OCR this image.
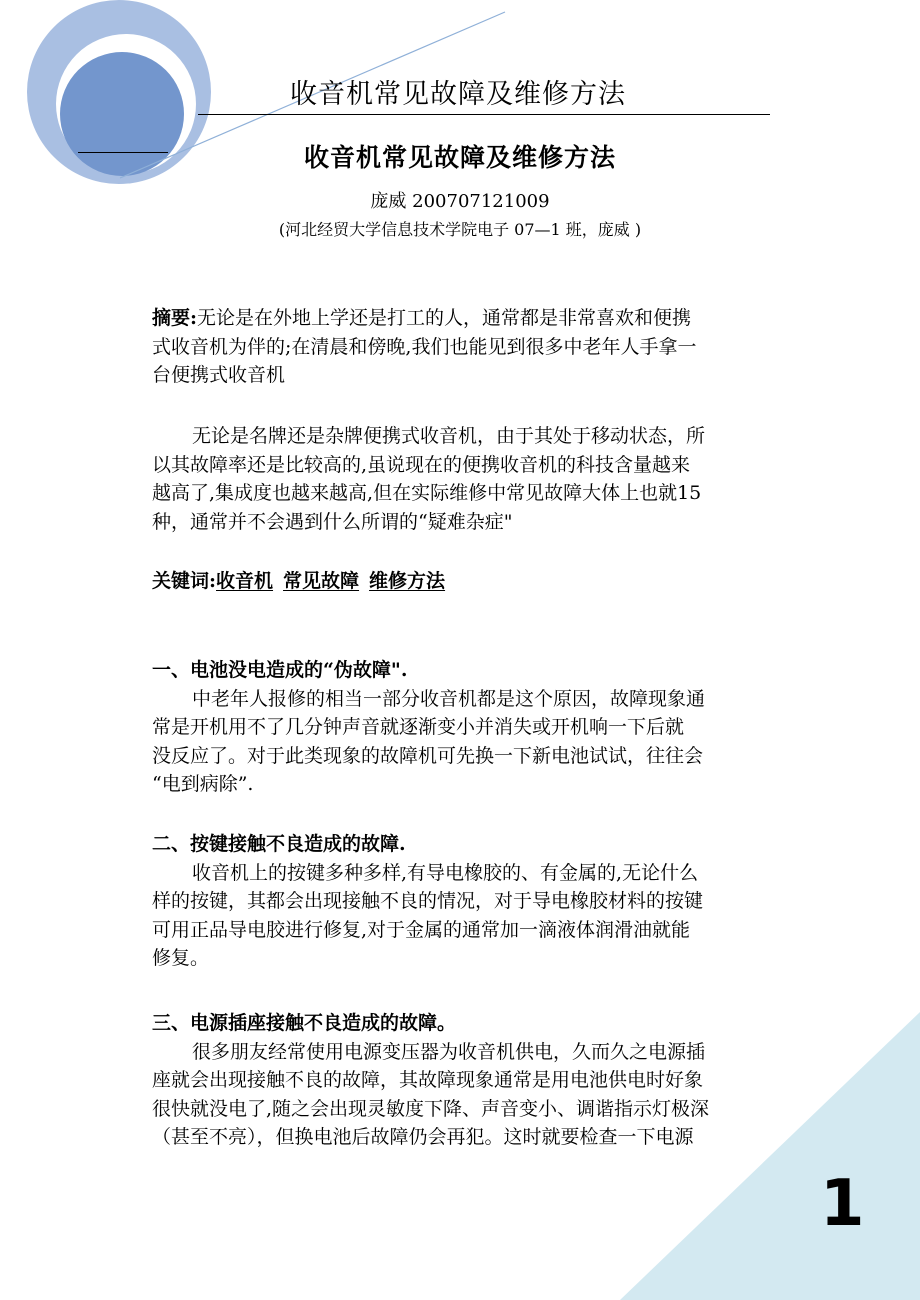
收音机常见故障及维修方法
收音机常见故障及维修方法
庞威 200707121009
(河北经贸大学信息技术学院电子 07—1 班，庞威 )

摘要:无论是在外地上学还是打工的人，通常都是非常喜欢和便携

式收音机为伴的;在清晨和傍晚,我们也能见到很多中老年人手拿一

台便携式收音机

无论是名牌还是杂牌便携式收音机，由于其处于移动状态，所

以其故障率还是比较高的,虽说现在的便携收音机的科技含量越来

越高了,集成度也越来越高,但在实际维修中常见故障大体上也就15

种，通常并不会遇到什么所谓的“疑难杂症"

关键词:收音机 常见故障 维修方法

一、电池没电造成的“伪故障".

中老年人报修的相当一部分收音机都是这个原因，故障现象通

常是开机用不了几分钟声音就逐渐变小并消失或开机响一下后就

没反应了。对于此类现象的故障机可先换一下新电池试试，往往会

“电到病除”.

二、按键接触不良造成的故障.

收音机上的按键多种多样,有导电橡胶的、有金属的,无论什么

样的按键，其都会出现接触不良的情况，对于导电橡胶材料的按键

可用正品导电胶进行修复,对于金属的通常加一滴液体润滑油就能

修复。

三、电源插座接触不良造成的故障。

很多朋友经常使用电源变压器为收音机供电，久而久之电源插

座就会出现接触不良的故障，其故障现象通常是用电池供电时好象

很快就没电了,随之会出现灵敏度下降、声音变小、调谐指示灯极深

（甚至不亮），但换电池后故障仍会再犯。这时就要检查一下电源

1
